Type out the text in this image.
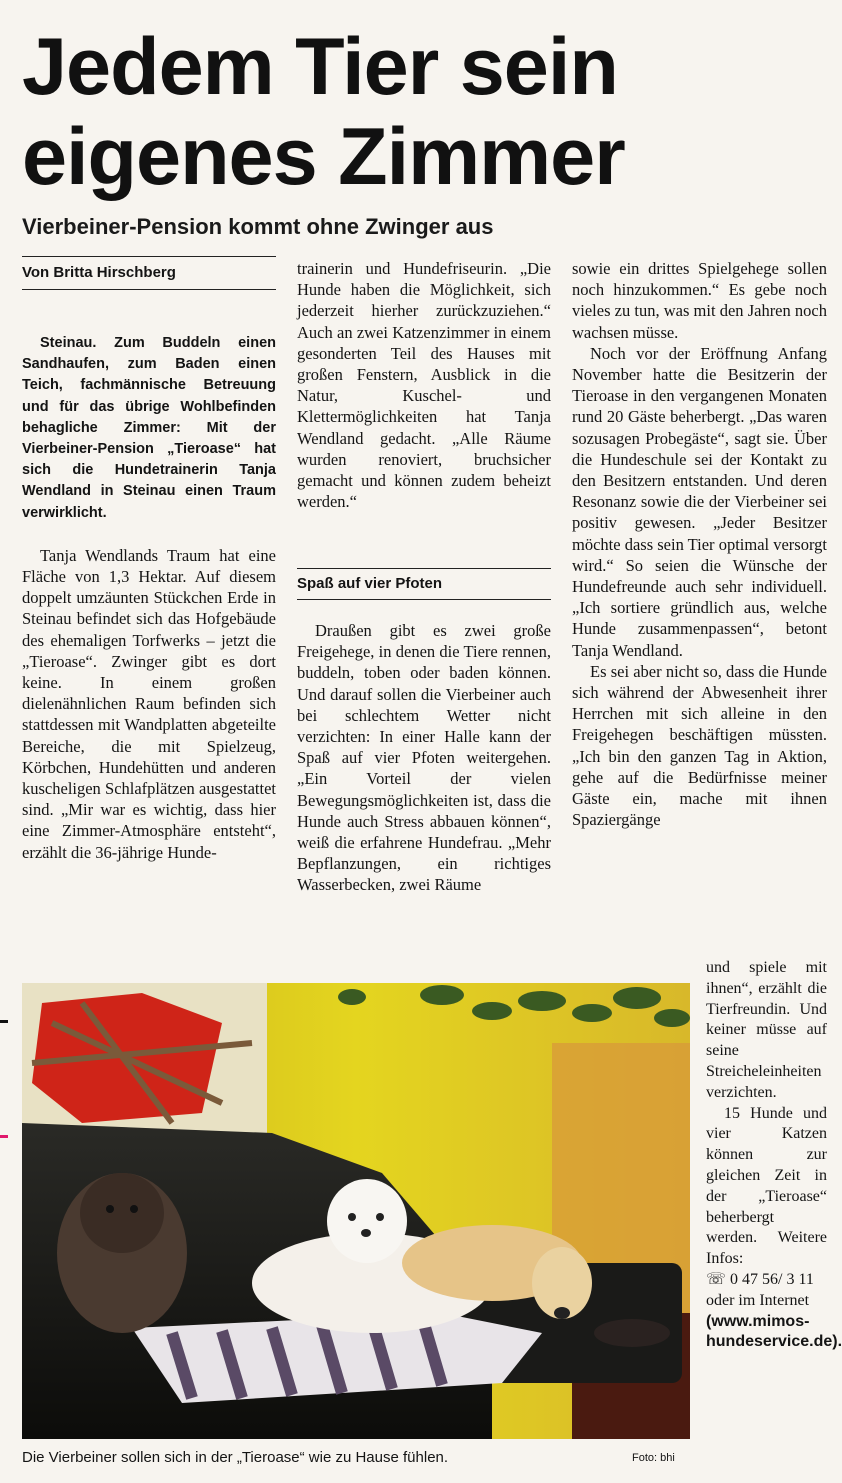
Jedem Tier sein eigenes Zimmer
Vierbeiner-Pension kommt ohne Zwinger aus
Von Britta Hirschberg

Steinau. Zum Buddeln einen Sandhaufen, zum Baden einen Teich, fachmännische Betreuung und für das übrige Wohlbefinden behagliche Zimmer: Mit der Vierbeiner-Pension „Tieroase“ hat sich die Hundetrainerin Tanja Wendland in Steinau einen Traum verwirklicht.

Tanja Wendlands Traum hat eine Fläche von 1,3 Hektar. Auf diesem doppelt umzäunten Stückchen Erde in Steinau befindet sich das Hofgebäude des ehemaligen Torfwerks – jetzt die „Tieroase“. Zwinger gibt es dort keine. In einem großen dielenähnlichen Raum befinden sich stattdessen mit Wandplatten abgeteilte Bereiche, die mit Spielzeug, Körbchen, Hundehütten und anderen kuscheligen Schlafplätzen ausgestattet sind. „Mir war es wichtig, dass hier eine Zimmer-Atmosphäre entsteht“, erzählt die 36-jährige Hunde-

trainerin und Hundefriseurin. „Die Hunde haben die Möglichkeit, sich jederzeit hierher zurückzuziehen.“ Auch an zwei Katzenzimmer in einem gesonderten Teil des Hauses mit großen Fenstern, Ausblick in die Natur, Kuschel- und Klettermöglichkeiten hat Tanja Wendland gedacht. „Alle Räume wurden renoviert, bruchsicher gemacht und können zudem beheizt werden.“

Spaß auf vier Pfoten

Draußen gibt es zwei große Freigehege, in denen die Tiere rennen, buddeln, toben oder baden können. Und darauf sollen die Vierbeiner auch bei schlechtem Wetter nicht verzichten: In einer Halle kann der Spaß auf vier Pfoten weitergehen. „Ein Vorteil der vielen Bewegungsmöglichkeiten ist, dass die Hunde auch Stress abbauen können“, weiß die erfahrene Hundefrau. „Mehr Bepflanzungen, ein richtiges Wasserbecken, zwei Räume

sowie ein drittes Spielgehege sollen noch hinzukommen.“ Es gebe noch vieles zu tun, was mit den Jahren noch wachsen müsse.

Noch vor der Eröffnung Anfang November hatte die Besitzerin der Tieroase in den vergangenen Monaten rund 20 Gäste beherbergt. „Das waren sozusagen Probegäste“, sagt sie. Über die Hundeschule sei der Kontakt zu den Besitzern entstanden. Und deren Resonanz sowie die der Vierbeiner sei positiv gewesen. „Jeder Besitzer möchte dass sein Tier optimal versorgt wird.“ So seien die Wünsche der Hundefreunde auch sehr individuell. „Ich sortiere gründlich aus, welche Hunde zusammenpassen“, betont Tanja Wendland.

Es sei aber nicht so, dass die Hunde sich während der Abwesenheit ihrer Herrchen mit sich alleine in den Freigehegen beschäftigen müssten. „Ich bin den ganzen Tag in Aktion, gehe auf die Bedürfnisse meiner Gäste ein, mache mit ihnen Spaziergänge

und spiele mit ihnen“, erzählt die Tierfreundin. Und keiner müsse auf seine Streicheleinheiten verzichten.

15 Hunde und vier Katzen können zur gleichen Zeit in der „Tieroase“ beherbergt werden. Weitere Infos:

☏ 0 47 56/ 3 11

oder im Internet

(www.mimos-hundeservice.de).

Die Vierbeiner sollen sich in der „Tieroase“ wie zu Hause fühlen.	Foto: bhi
